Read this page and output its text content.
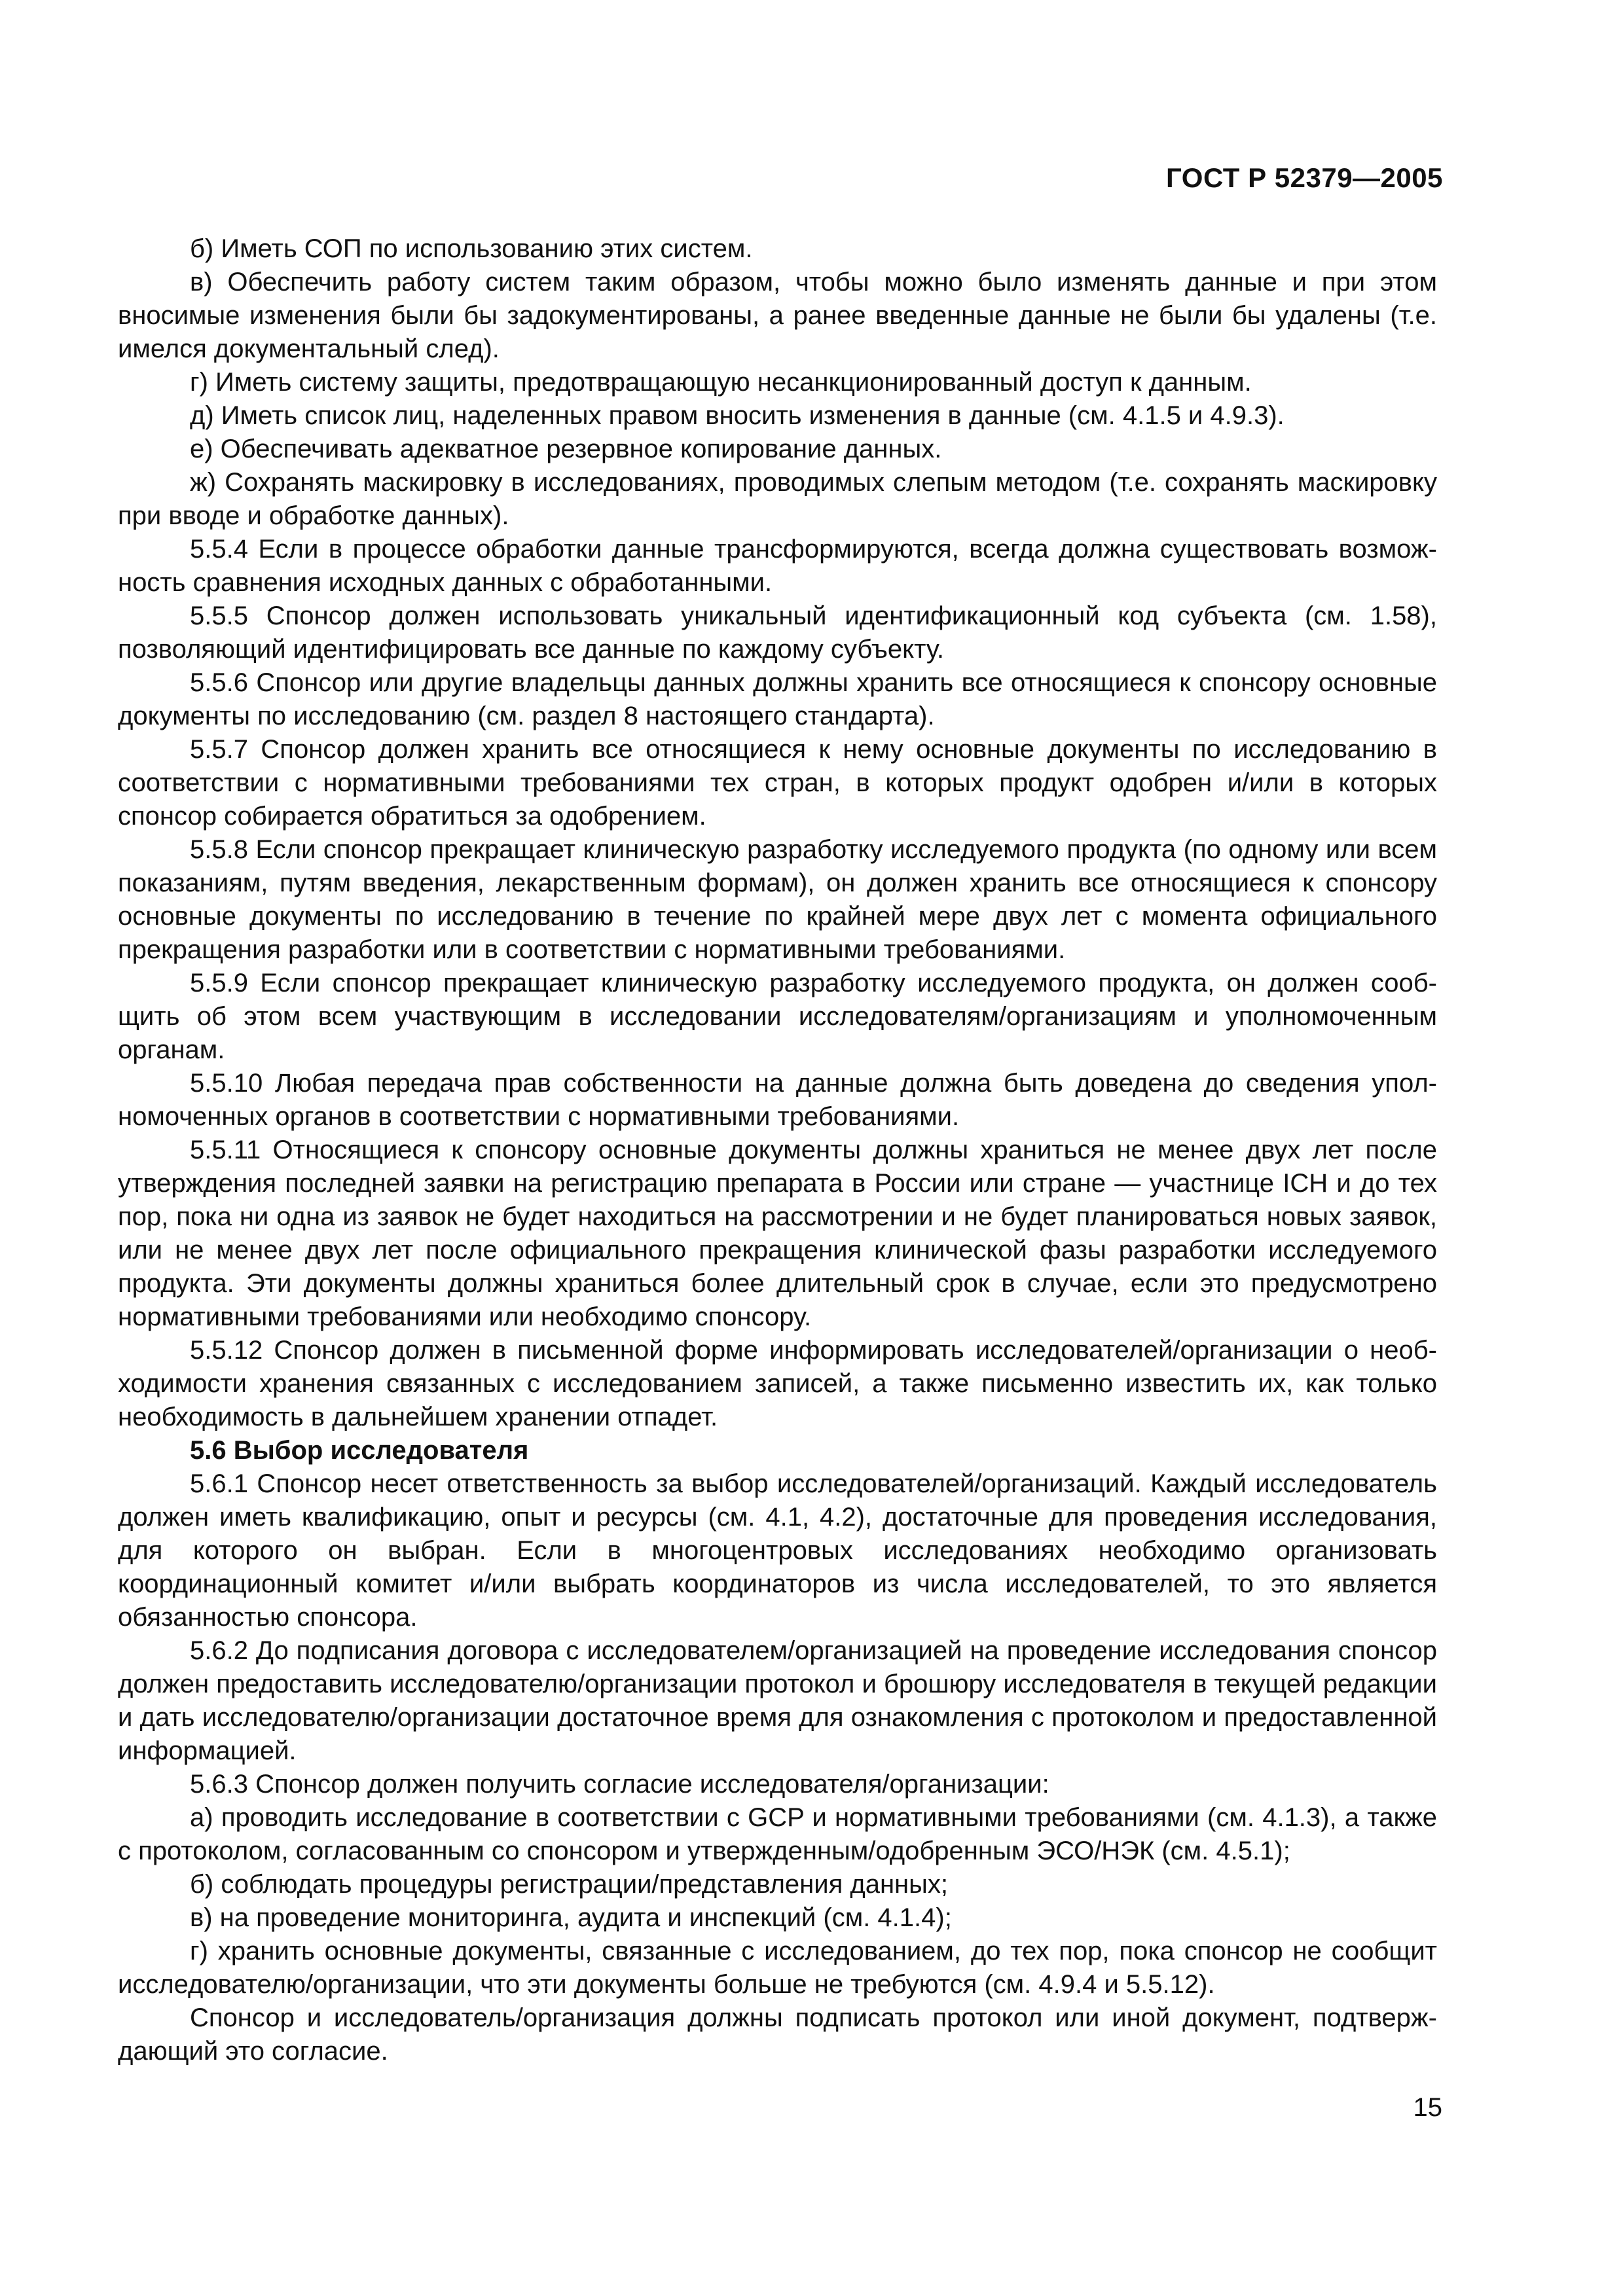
ГОСТ Р 52379—2005

б) Иметь СОП по использованию этих систем.

в) Обеспечить работу систем таким образом, чтобы можно было изменять данные и при этом вносимые изменения были бы задокументированы, а ранее введенные данные не были бы удалены (т.е. имелся документальный след).

г) Иметь систему защиты, предотвращающую несанкционированный доступ к данным.

д) Иметь список лиц, наделенных правом вносить изменения в данные (см. 4.1.5 и 4.9.3).

е) Обеспечивать адекватное резервное копирование данных.

ж) Сохранять маскировку в исследованиях, проводимых слепым методом (т.е. сохранять маскировку при вводе и обработке данных).

5.5.4 Если в процессе обработки данные трансформируются, всегда должна существовать возможность сравнения исходных данных с обработанными.

5.5.5 Спонсор должен использовать уникальный идентификационный код субъекта (см. 1.58), позволяющий идентифицировать все данные по каждому субъекту.

5.5.6 Спонсор или другие владельцы данных должны хранить все относящиеся к спонсору основные документы по исследованию (см. раздел 8 настоящего стандарта).

5.5.7 Спонсор должен хранить все относящиеся к нему основные документы по исследованию в соответствии с нормативными требованиями тех стран, в которых продукт одобрен и/или в которых спонсор собирается обратиться за одобрением.

5.5.8 Если спонсор прекращает клиническую разработку исследуемого продукта (по одному или всем показаниям, путям введения, лекарственным формам), он должен хранить все относящиеся к спонсору основные документы по исследованию в течение по крайней мере двух лет с момента официального прекращения разработки или в соответствии с нормативными требованиями.

5.5.9 Если спонсор прекращает клиническую разработку исследуемого продукта, он должен сообщить об этом всем участвующим в исследовании исследователям/организациям и уполномоченным органам.

5.5.10 Любая передача прав собственности на данные должна быть доведена до сведения уполномоченных органов в соответствии с нормативными требованиями.

5.5.11 Относящиеся к спонсору основные документы должны храниться не менее двух лет после утверждения последней заявки на регистрацию препарата в России или стране — участнице ICH и до тех пор, пока ни одна из заявок не будет находиться на рассмотрении и не будет планироваться новых заявок, или не менее двух лет после официального прекращения клинической фазы разработки исследуемого продукта. Эти документы должны храниться более длительный срок в случае, если это предусмотрено нормативными требованиями или необходимо спонсору.

5.5.12 Спонсор должен в письменной форме информировать исследователей/организации о необходимости хранения связанных с исследованием записей, а также письменно известить их, как только необходимость в дальнейшем хранении отпадет.

5.6 Выбор исследователя

5.6.1 Спонсор несет ответственность за выбор исследователей/организаций. Каждый исследователь должен иметь квалификацию, опыт и ресурсы (см. 4.1, 4.2), достаточные для проведения исследования, для которого он выбран. Если в многоцентровых исследованиях необходимо организовать координационный комитет и/или выбрать координаторов из числа исследователей, то это является обязанностью спонсора.

5.6.2 До подписания договора с исследователем/организацией на проведение исследования спонсор должен предоставить исследователю/организации протокол и брошюру исследователя в текущей редакции и дать исследователю/организации достаточное время для ознакомления с протоколом и предоставленной информацией.

5.6.3 Спонсор должен получить согласие исследователя/организации:

а) проводить исследование в соответствии с GCP и нормативными требованиями (см. 4.1.3), а также с протоколом, согласованным со спонсором и утвержденным/одобренным ЭСО/НЭК (см. 4.5.1);

б) соблюдать процедуры регистрации/представления данных;

в) на проведение мониторинга, аудита и инспекций (см. 4.1.4);

г) хранить основные документы, связанные с исследованием, до тех пор, пока спонсор не сообщит исследователю/организации, что эти документы больше не требуются (см. 4.9.4 и 5.5.12).

Спонсор и исследователь/организация должны подписать протокол или иной документ, подтверждающий это согласие.

15
